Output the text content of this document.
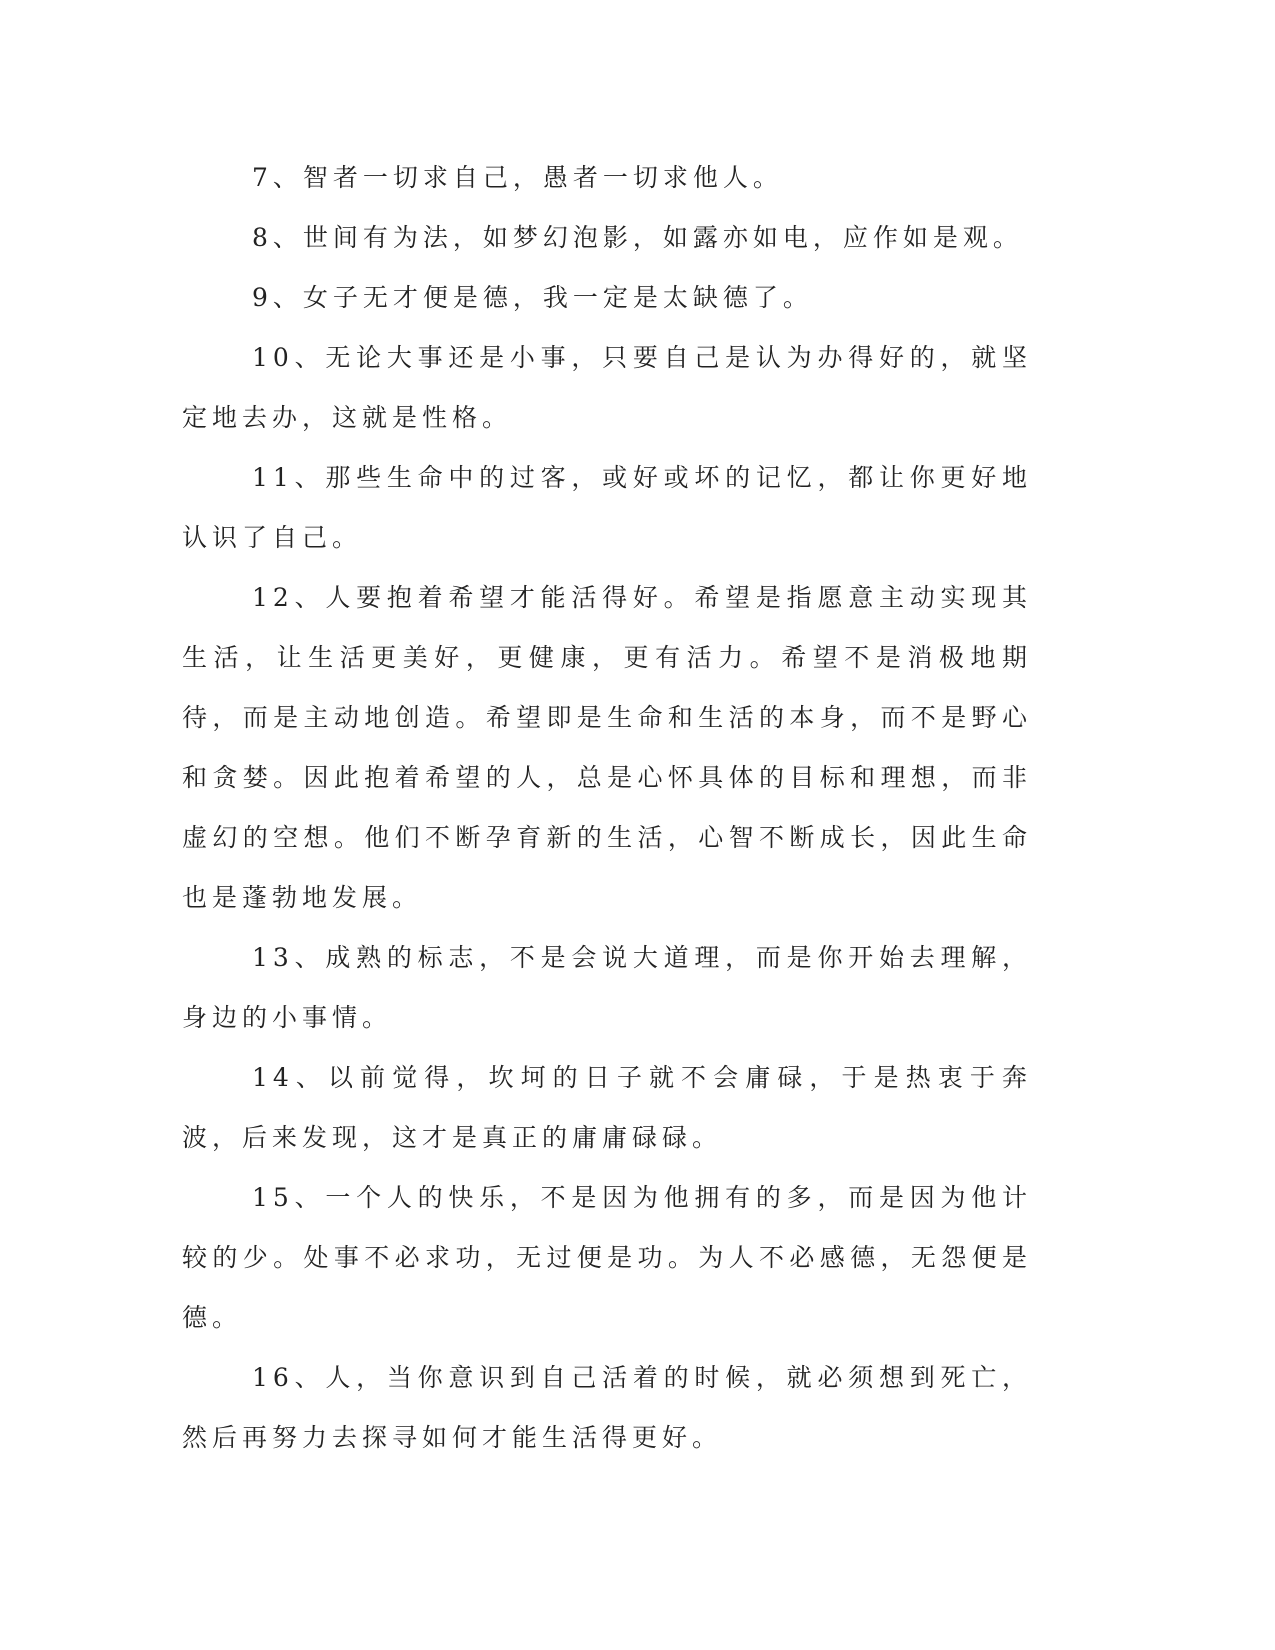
7、智者一切求自己，愚者一切求他人。

8、世间有为法，如梦幻泡影，如露亦如电，应作如是观。

9、女子无才便是德，我一定是太缺德了。

10、无论大事还是小事，只要自己是认为办得好的，就坚定地去办，这就是性格。

11、那些生命中的过客，或好或坏的记忆，都让你更好地认识了自己。

12、人要抱着希望才能活得好。希望是指愿意主动实现其生活，让生活更美好，更健康，更有活力。希望不是消极地期待，而是主动地创造。希望即是生命和生活的本身，而不是野心和贪婪。因此抱着希望的人，总是心怀具体的目标和理想，而非虚幻的空想。他们不断孕育新的生活，心智不断成长，因此生命也是蓬勃地发展。

13、成熟的标志，不是会说大道理，而是你开始去理解，身边的小事情。

14、以前觉得，坎坷的日子就不会庸碌，于是热衷于奔波，后来发现，这才是真正的庸庸碌碌。

15、一个人的快乐，不是因为他拥有的多，而是因为他计较的少。处事不必求功，无过便是功。为人不必感德，无怨便是德。

16、人，当你意识到自己活着的时候，就必须想到死亡，然后再努力去探寻如何才能生活得更好。
